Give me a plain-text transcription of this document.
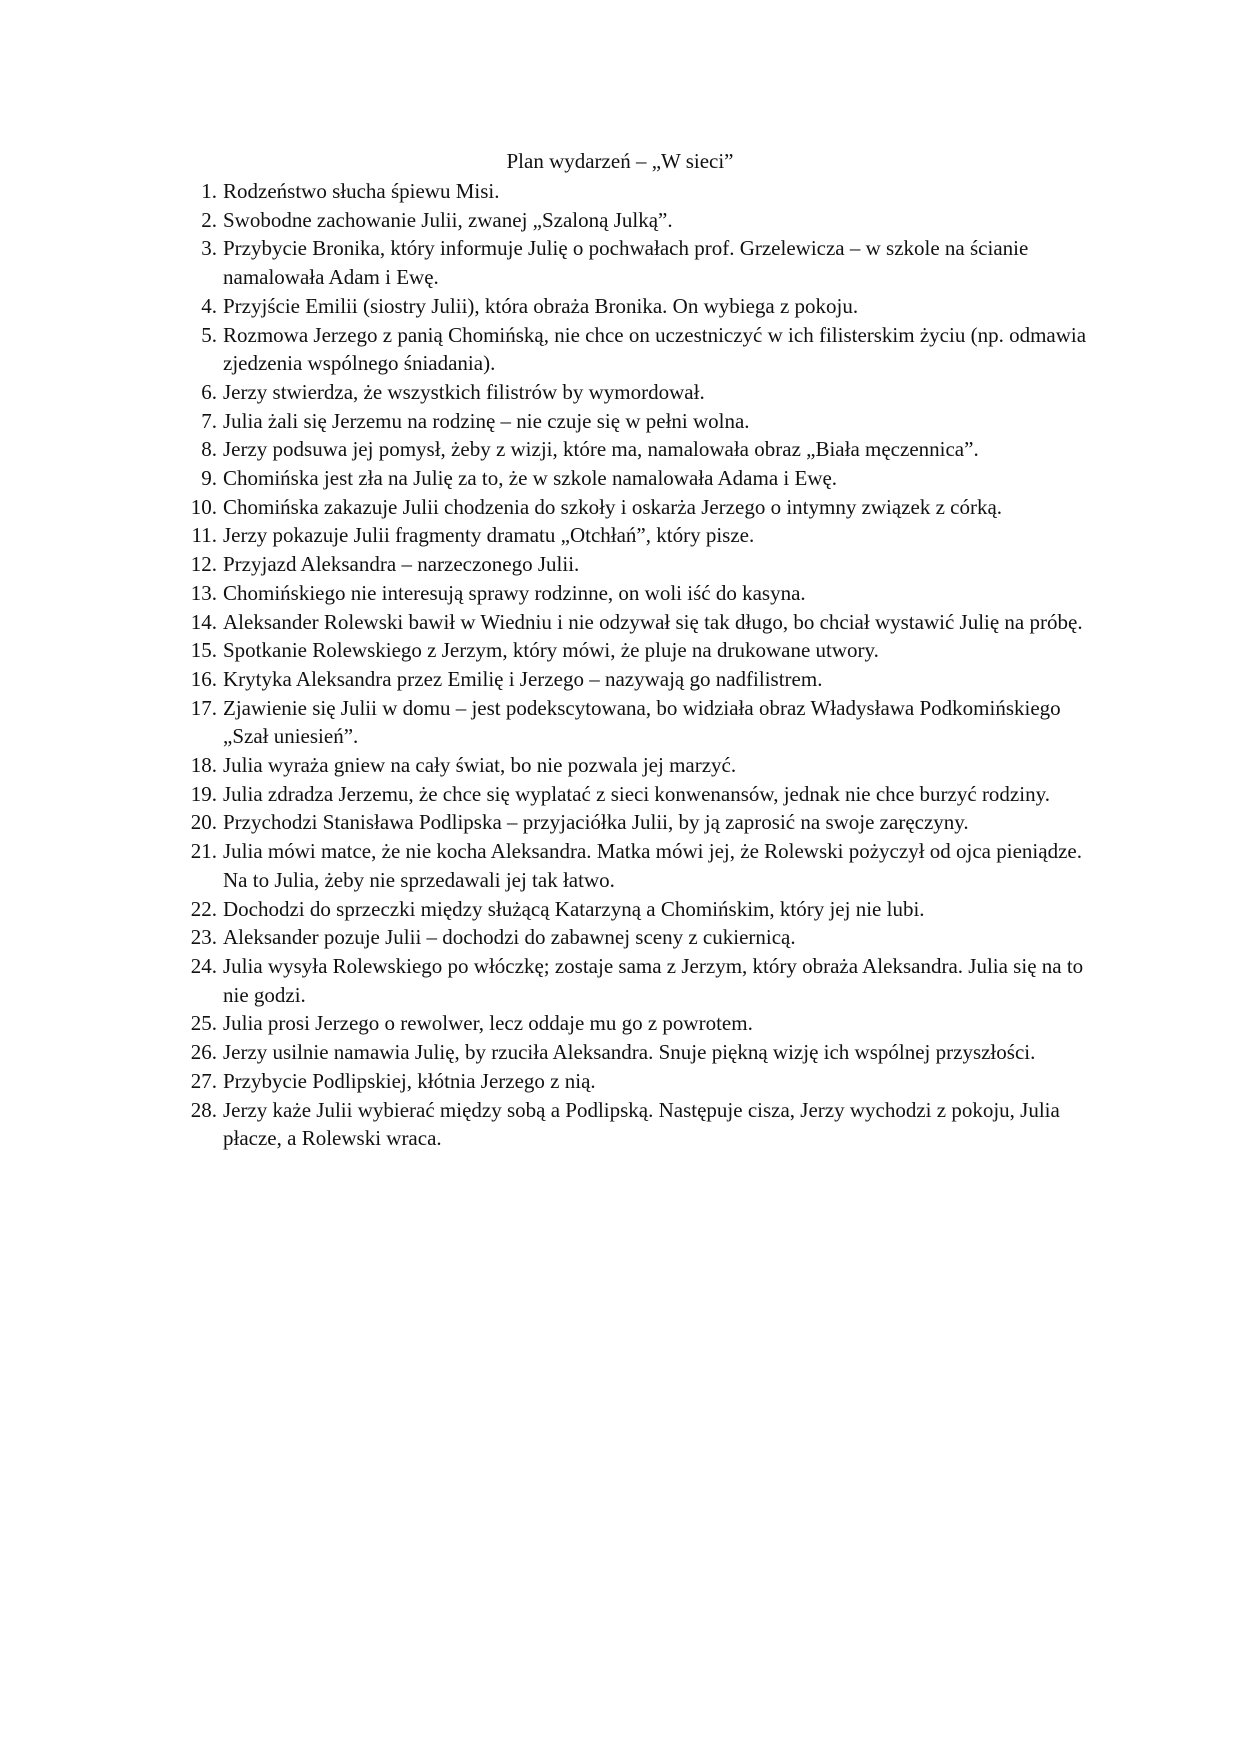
Plan wydarzeń – „W sieci”
1. Rodzeństwo słucha śpiewu Misi.
2. Swobodne zachowanie Julii, zwanej „Szaloną Julką”.
3. Przybycie Bronika, który informuje Julię o pochwałach prof. Grzelewicza – w szkole na ścianie namalowała Adam i Ewę.
4. Przyjście Emilii (siostry Julii), która obraża Bronika. On wybiega z pokoju.
5. Rozmowa Jerzego z panią Chomińską, nie chce on uczestniczyć w ich filisterskim życiu (np. odmawia zjedzenia wspólnego śniadania).
6. Jerzy stwierdza, że wszystkich filistrów by wymordował.
7. Julia żali się Jerzemu na rodzinę – nie czuje się w pełni wolna.
8. Jerzy podsuwa jej pomysł, żeby z wizji, które ma, namalowała obraz „Biała męczennica”.
9. Chomińska jest zła na Julię za to, że w szkole namalowała Adama i Ewę.
10. Chomińska zakazuje Julii chodzenia do szkoły i oskarża Jerzego o intymny związek z córką.
11. Jerzy pokazuje Julii fragmenty dramatu „Otchłań”, który pisze.
12. Przyjazd Aleksandra – narzeczonego Julii.
13. Chomińskiego nie interesują sprawy rodzinne, on woli iść do kasyna.
14. Aleksander Rolewski bawił w Wiedniu i nie odzywał się tak długo, bo chciał wystawić Julię na próbę.
15. Spotkanie Rolewskiego z Jerzym, który mówi, że pluje na drukowane utwory.
16. Krytyka Aleksandra przez Emilię i Jerzego – nazywają go nadfilistrem.
17. Zjawienie się Julii w domu – jest podekscytowana, bo widziała obraz Władysława Podkomińskiego „Szał uniesień”.
18. Julia wyraża gniew na cały świat, bo nie pozwala jej marzyć.
19. Julia zdradza Jerzemu, że chce się wyplatać z sieci konwenansów, jednak nie chce burzyć rodziny.
20. Przychodzi Stanisława Podlipska – przyjaciółka Julii, by ją zaprosić na swoje zaręczyny.
21. Julia mówi matce, że nie kocha Aleksandra. Matka mówi jej, że Rolewski pożyczył od ojca pieniądze. Na to Julia, żeby nie sprzedawali jej tak łatwo.
22. Dochodzi do sprzeczki między służącą Katarzyną a Chomińskim, który jej nie lubi.
23. Aleksander pozuje Julii – dochodzi do zabawnej sceny z cukiernicą.
24. Julia wysyła Rolewskiego po włóczkę; zostaje sama z Jerzym, który obraża Aleksandra. Julia się na to nie godzi.
25. Julia prosi Jerzego o rewolwer, lecz oddaje mu go z powrotem.
26. Jerzy usilnie namawia Julię, by rzuciła Aleksandra. Snuje piękną wizję ich wspólnej przyszłości.
27. Przybycie Podlipskiej, kłótnia Jerzego z nią.
28. Jerzy każe Julii wybierać między sobą a Podlipską. Następuje cisza, Jerzy wychodzi z pokoju, Julia płacze, a Rolewski wraca.
